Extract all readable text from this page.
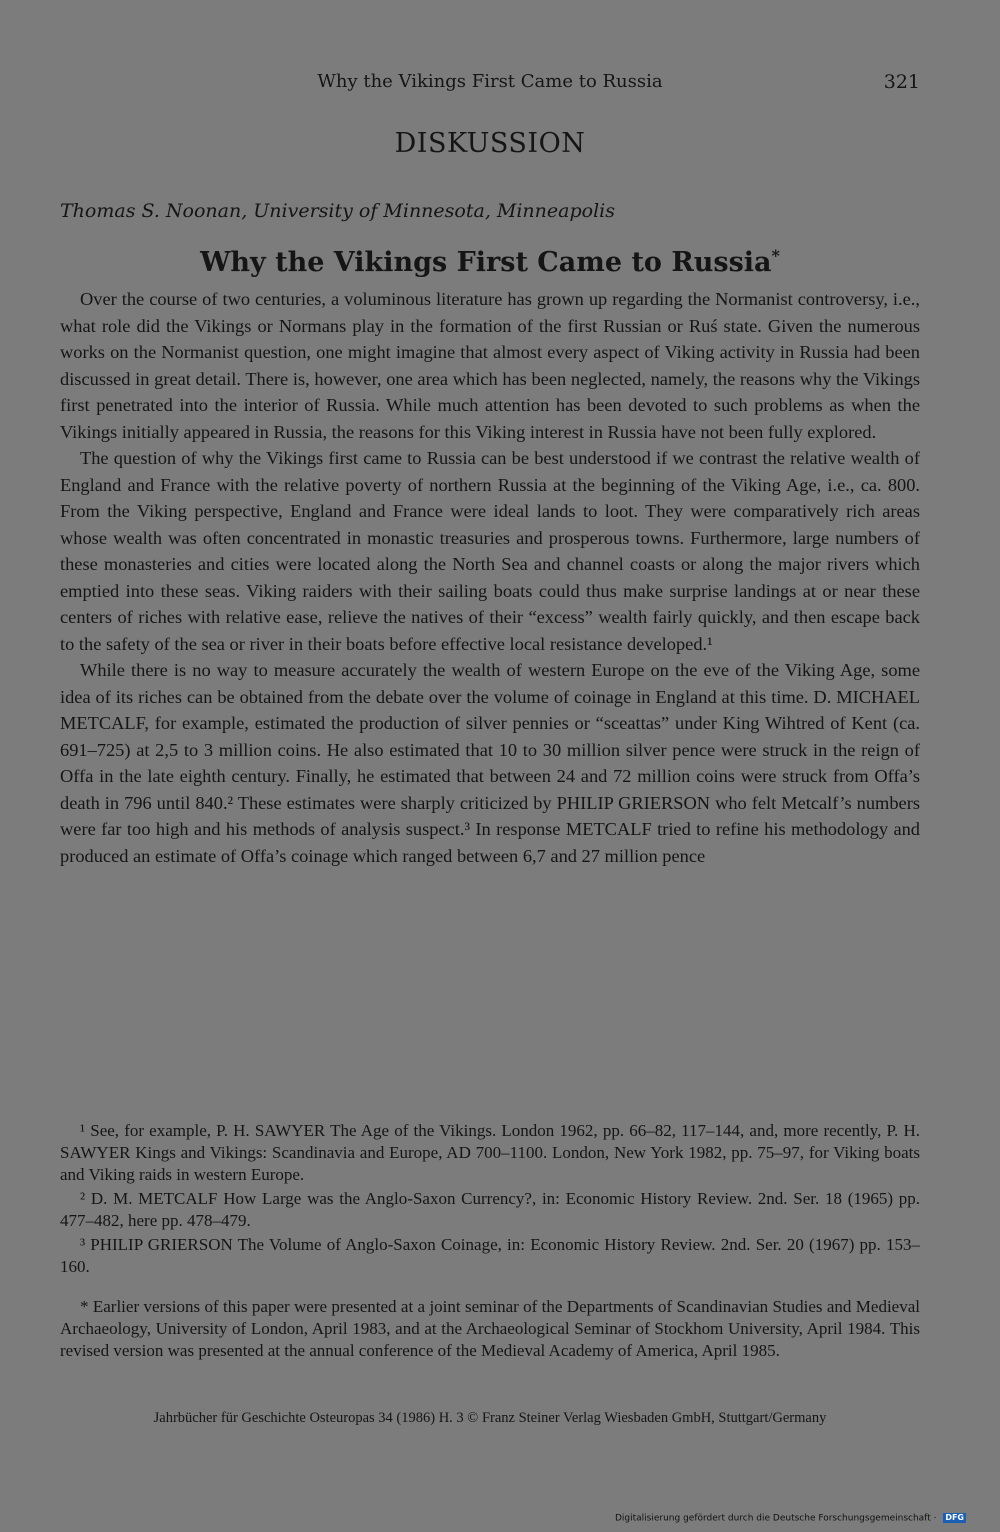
Why the Vikings First Came to Russia	321
DISKUSSION
Thomas S. Noonan, University of Minnesota, Minneapolis
Why the Vikings First Came to Russia*

Over the course of two centuries, a voluminous literature has grown up regarding the Normanist controversy, i.e., what role did the Vikings or Normans play in the formation of the first Russian or Ruś state. Given the numerous works on the Normanist question, one might imagine that almost every aspect of Viking activity in Russia had been discussed in great detail. There is, however, one area which has been neglected, namely, the reasons why the Vikings first penetrated into the interior of Russia. While much attention has been devoted to such problems as when the Vikings initially appeared in Russia, the reasons for this Viking interest in Russia have not been fully explored.

The question of why the Vikings first came to Russia can be best understood if we contrast the relative wealth of England and France with the relative poverty of northern Russia at the beginning of the Viking Age, i.e., ca. 800. From the Viking perspective, England and France were ideal lands to loot. They were comparatively rich areas whose wealth was often concentrated in monastic treasuries and prosperous towns. Furthermore, large numbers of these monasteries and cities were located along the North Sea and channel coasts or along the major rivers which emptied into these seas. Viking raiders with their sailing boats could thus make surprise landings at or near these centers of riches with relative ease, relieve the natives of their “excess” wealth fairly quickly, and then escape back to the safety of the sea or river in their boats before effective local resistance developed.¹

While there is no way to measure accurately the wealth of western Europe on the eve of the Viking Age, some idea of its riches can be obtained from the debate over the volume of coinage in England at this time. D. MICHAEL METCALF, for example, estimated the production of silver pennies or “sceattas” under King Wihtred of Kent (ca. 691–725) at 2,5 to 3 million coins. He also estimated that 10 to 30 million silver pence were struck in the reign of Offa in the late eighth century. Finally, he estimated that between 24 and 72 million coins were struck from Offa’s death in 796 until 840.² These estimates were sharply criticized by PHILIP GRIERSON who felt Metcalf’s numbers were far too high and his methods of analysis suspect.³ In response METCALF tried to refine his methodology and produced an estimate of Offa’s coinage which ranged between 6,7 and 27 million pence

¹ See, for example, P. H. SAWYER The Age of the Vikings. London 1962, pp. 66–82, 117–144, and, more recently, P. H. SAWYER Kings and Vikings: Scandinavia and Europe, AD 700–1100. London, New York 1982, pp. 75–97, for Viking boats and Viking raids in western Europe.

² D. M. METCALF How Large was the Anglo-Saxon Currency?, in: Economic History Review. 2nd. Ser. 18 (1965) pp. 477–482, here pp. 478–479.

³ PHILIP GRIERSON The Volume of Anglo-Saxon Coinage, in: Economic History Review. 2nd. Ser. 20 (1967) pp. 153–160.

* Earlier versions of this paper were presented at a joint seminar of the Departments of Scandinavian Studies and Medieval Archaeology, University of London, April 1983, and at the Archaeological Seminar of Stockhom University, April 1984. This revised version was presented at the annual conference of the Medieval Academy of America, April 1985.

Jahrbücher für Geschichte Osteuropas 34 (1986) H. 3 © Franz Steiner Verlag Wiesbaden GmbH, Stuttgart/Germany
Digitalisierung gefördert durch die Deutsche Forschungsgemeinschaft · DFG
